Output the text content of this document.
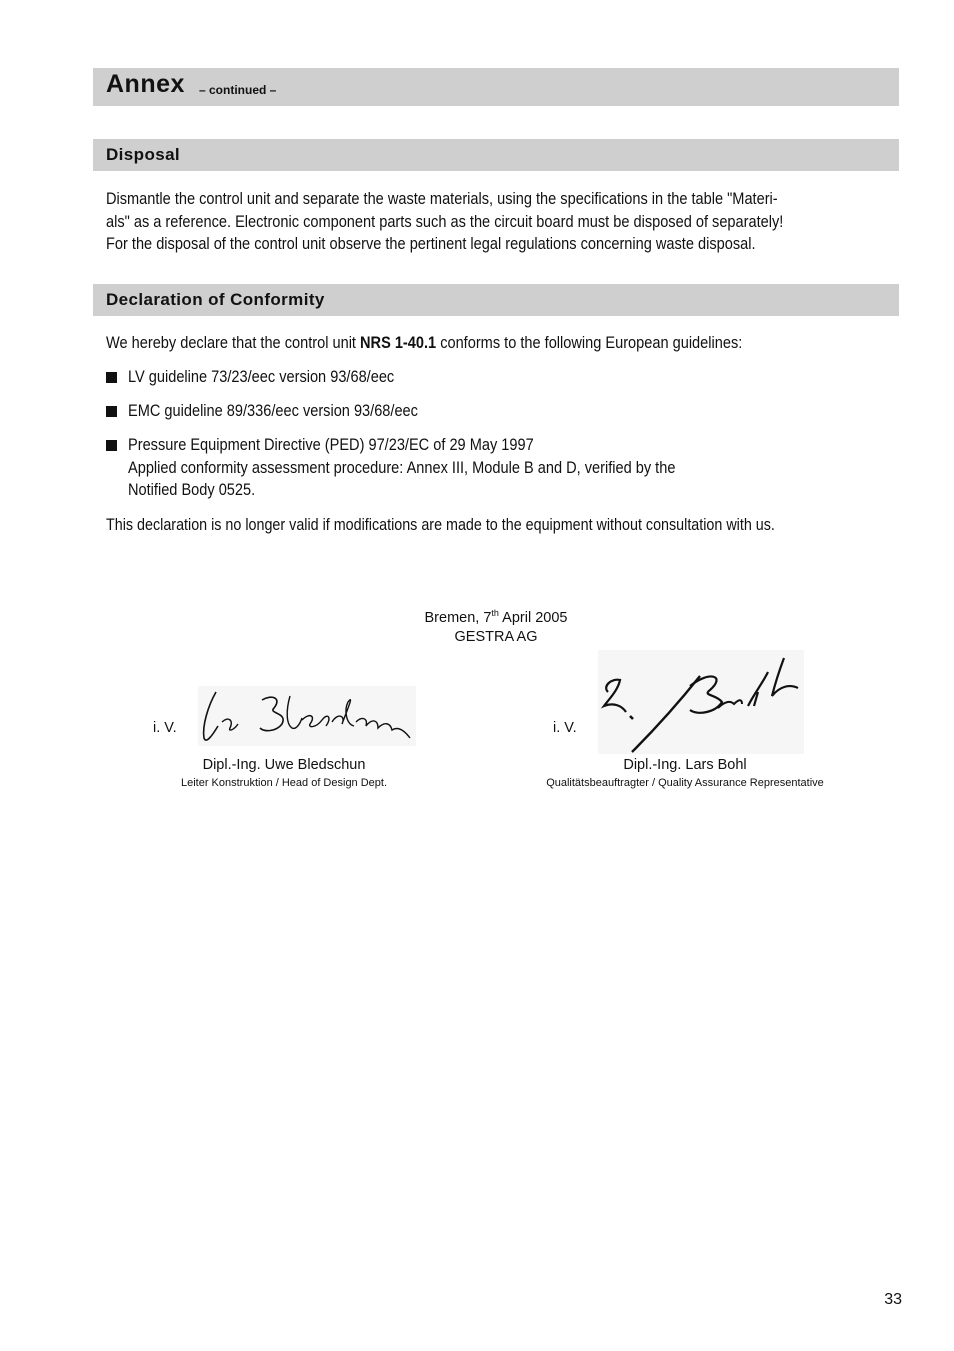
Annex – continued –
Disposal
Dismantle the control unit and separate the waste materials, using the specifications in the table "Materi-
als" as a reference. Electronic component parts such as the circuit board must be disposed of separately!
For the disposal of the control unit observe the pertinent legal regulations concerning waste disposal.
Declaration of Conformity
We hereby declare that the control unit NRS 1-40.1 conforms to the following European guidelines:
LV guideline 73/23/eec version 93/68/eec
EMC guideline 89/336/eec version 93/68/eec
Pressure Equipment Directive (PED) 97/23/EC of 29 May 1997
Applied conformity assessment procedure: Annex III, Module B and D, verified by the
Notified Body 0525.
This declaration is no longer valid if modifications are made to the equipment without consultation with us.
Bremen, 7th April 2005
GESTRA AG
i. V.
Dipl.-Ing. Uwe Bledschun
Leiter Konstruktion / Head of Design Dept.
i. V.
Dipl.-Ing. Lars Bohl
Qualitätsbeauftragter / Quality Assurance Representative
33
